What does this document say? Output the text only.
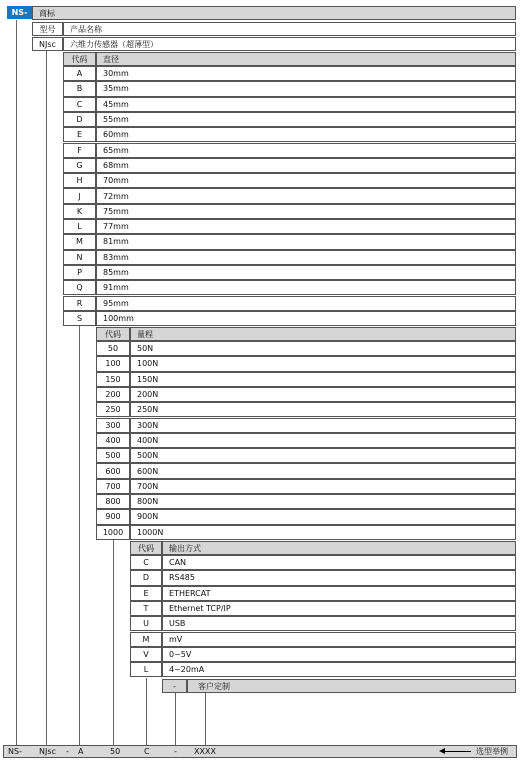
NS-	商标
型号 产品名称
NJsc 六维力传感器（超薄型）
代码 直径
A	30mm
B	35mm
C	45mm
D	55mm
E	60mm
F	65mm
G	68mm
H	70mm
J	72mm
K	75mm
L	77mm
M	81mm
N	83mm
P	85mm
Q	91mm
R	95mm
S	100mm
代码 量程
50 50N
100 100N
150 150N
200 200N
250 250N
300 300N
400 400N
500 500N
600 600N
700 700N
800 800N
900 900N
1000 1000N
代码 输出方式
C	CAN
D RS485
E	ETHERCAT
T	Ethernet TCP/IP
U	USB
M mV
V	0~5V
L	4~20mA
-	客户定制
NS- NJsc - A	50	C	- XXXX	选型举例
